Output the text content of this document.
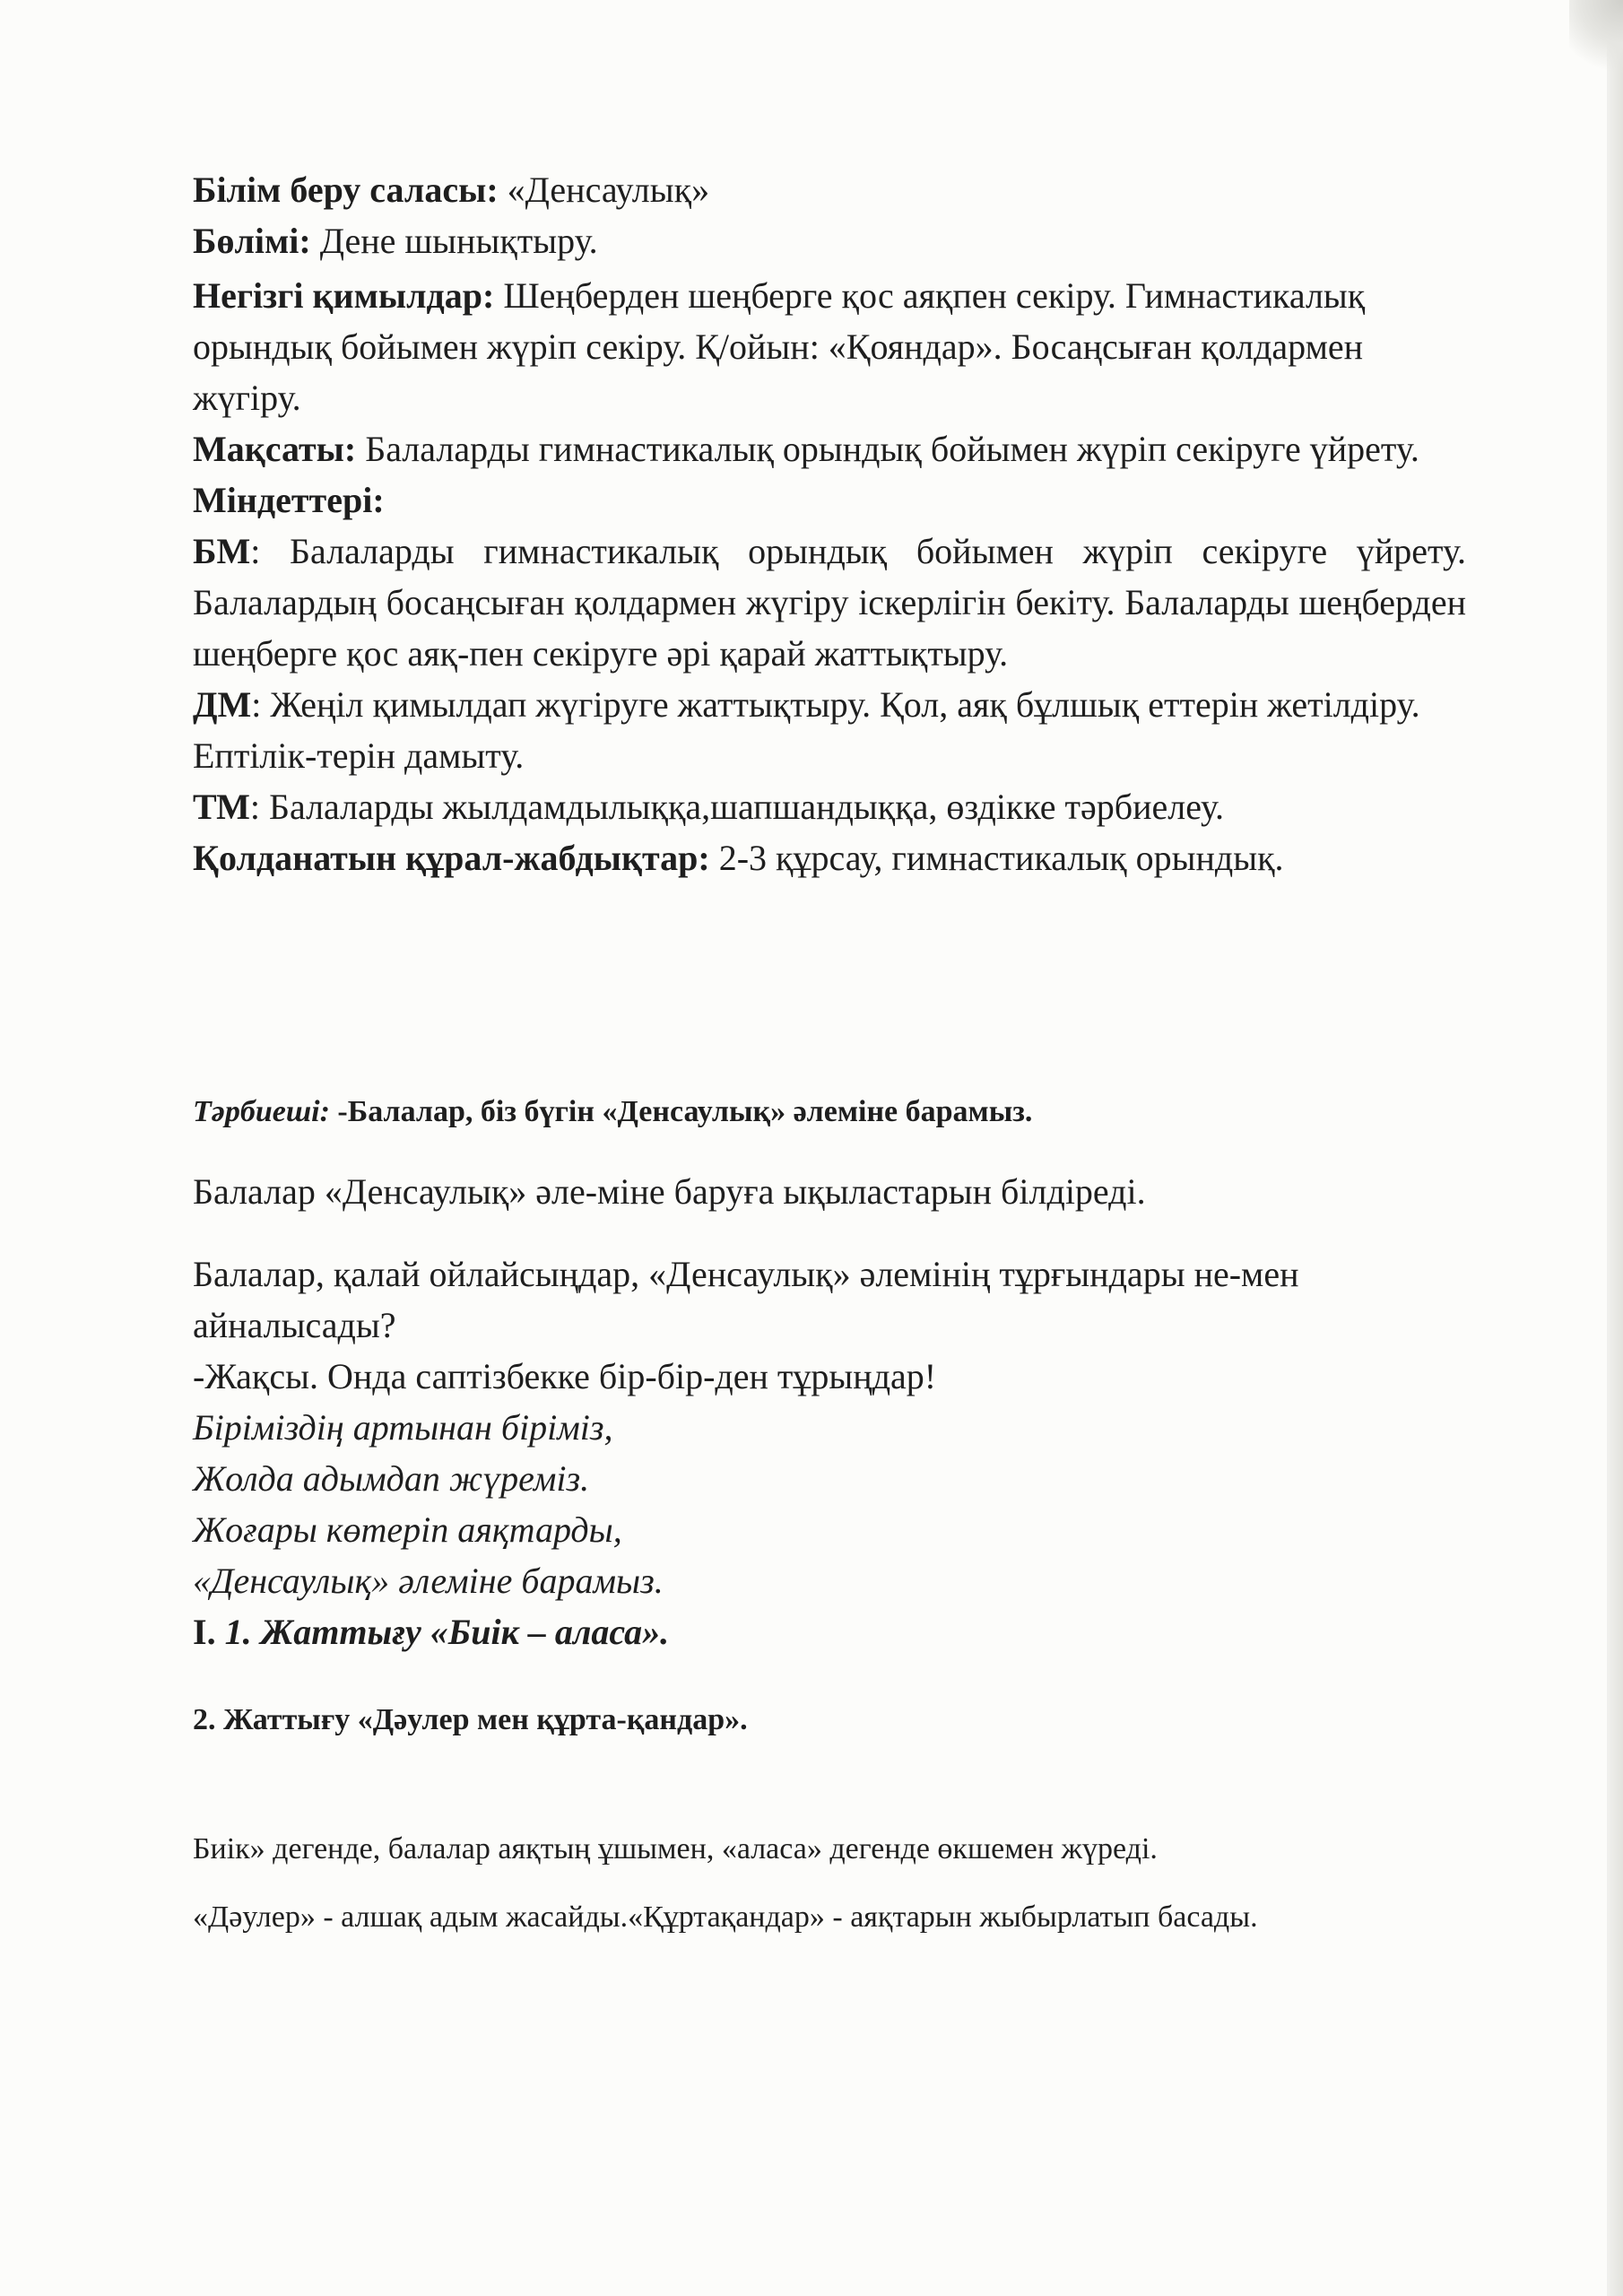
Білім беру саласы: «Денсаулық»

Бөлімі: Дене шынықтыру.

Негізгі қимылдар: Шеңберден шеңберге қос аяқпен секіру. Гимнастикалық орындық бойымен жүріп секіру. Қ/ойын: «Қояндар». Босаңсыған қолдармен жүгіру.

Мақсаты: Балаларды гимнастикалық орындық бойымен жүріп секіруге үйрету.

Міндеттері:

БМ: Балаларды гимнастикалық орындық бойымен жүріп секіруге үйрету. Балалардың босаңсыған қолдармен жүгіру іскерлігін бекіту. Балаларды шеңберден шеңберге қос аяқ-пен секіруге әрі қарай жаттықтыру.

ДМ: Жеңіл қимылдап жүгіруге жаттықтыру. Қол, аяқ бұлшық еттерін жетілдіру. Ептілік-терін дамыту.

ТМ: Балаларды жылдамдылыққа,шапшандыққа, өздікке тәрбиелеу.

Қолданатын құрал-жабдықтар: 2-3 құрсау, гимнастикалық орындық.

Тәрбиеші: -Балалар, біз бүгін «Денсаулық» әлеміне барамыз.

Балалар «Денсаулық» әле-міне баруға ықыластарын білдіреді.

Балалар, қалай ойлайсыңдар, «Денсаулық» әлемінің тұрғындары не-мен айналысады?

-Жақсы. Онда саптізбекке бір-бір-ден тұрыңдар!

Біріміздің артынан біріміз,

Жолда адымдап жүреміз.

Жоғары көтеріп аяқтарды,

«Денсаулық» әлеміне барамыз.

I. 1. Жаттығу «Биік – аласа».

2. Жаттығу «Дәулер мен құрта-қандар».

Биік» дегенде, балалар аяқтың ұшымен, «аласа» дегенде өкшемен жүреді.

«Дәулер» - алшақ адым жасайды.«Құртақандар» - аяқтарын жыбырлатып басады.
